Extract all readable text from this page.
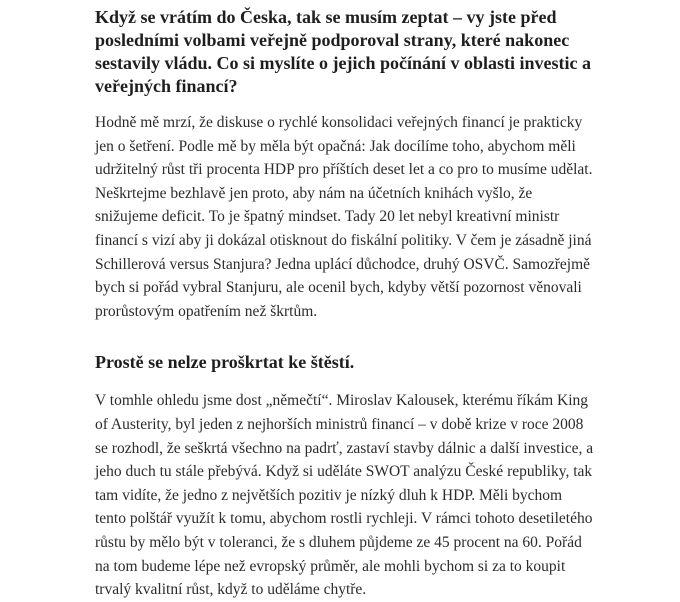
Když se vrátím do Česka, tak se musím zeptat – vy jste před posledními volbami veřejně podporoval strany, které nakonec sestavily vládu. Co si myslíte o jejich počínání v oblasti investic a veřejných financí?

Hodně mě mrzí, že diskuse o rychlé konsolidaci veřejných financí je prakticky jen o šetření. Podle mě by měla být opačná: Jak docílíme toho, abychom měli udržitelný růst tři procenta HDP pro příštích deset let a co pro to musíme udělat. Neškrtejme bezhlavě jen proto, aby nám na účetních knihách vyšlo, že snižujeme deficit. To je špatný mindset. Tady 20 let nebyl kreativní ministr financí s vizí aby ji dokázal otisknout do fiskální politiky. V čem je zásadně jiná Schillerová versus Stanjura? Jedna uplácí důchodce, druhý OSVČ. Samozřejmě bych si pořád vybral Stanjuru, ale ocenil bych, kdyby větší pozornost věnovali prorůstovým opatřením než škrtům.

Prostě se nelze proškrtat ke štěstí.

V tomhle ohledu jsme dost „němečtí“. Miroslav Kalousek, kterému říkám King of Austerity, byl jeden z nejhorších ministrů financí – v době krize v roce 2008 se rozhodl, že seškrtá všechno na padrť, zastaví stavby dálnic a další investice, a jeho duch tu stále přebývá. Když si uděláte SWOT analýzu České republiky, tak tam vidíte, že jedno z největších pozitiv je nízký dluh k HDP. Měli bychom tento polštář využít k tomu, abychom rostli rychleji. V rámci tohoto desetiletého růstu by mělo být v toleranci, že s dluhem půjdeme ze 45 procent na 60. Pořád na tom budeme lépe než evropský průměr, ale mohli bychom si za to koupit trvalý kvalitní růst, když to uděláme chytře.
